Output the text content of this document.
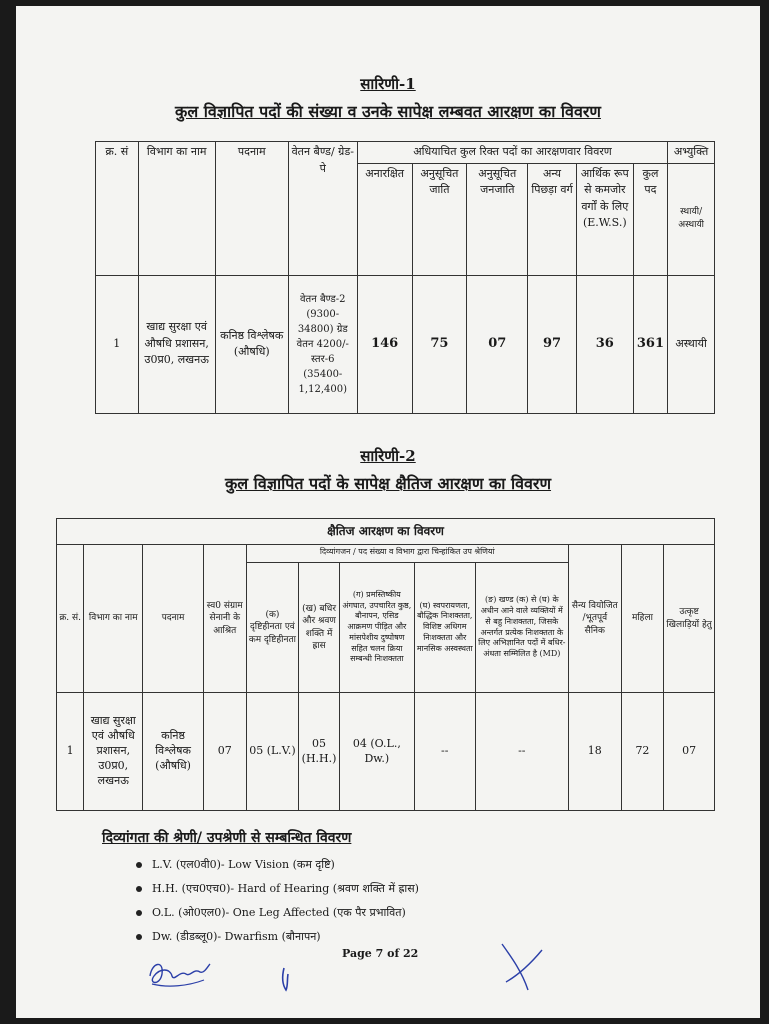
सारिणी-1
कुल विज्ञापित पदों की संख्या व उनके सापेक्ष लम्बवत आरक्षण का विवरण
क्र. सं	विभाग का नाम	पदनाम	वेतन बैण्ड/ ग्रेड-पे	अधियाचित कुल रिक्त पदों का आरक्षणवार विवरण						अभ्युक्ति
				अनारक्षित	अनुसूचित जाति	अनुसूचित जनजाति	अन्य पिछड़ा वर्ग	आर्थिक रूप से कमजोर वर्गों के लिए (E.W.S.)	कुल पद	स्थायी/ अस्थायी
1	खाद्य सुरक्षा एवं औषधि प्रशासन, उ0प्र0, लखनऊ	कनिष्ठ विश्लेषक (औषधि)	वेतन बैण्ड-2 (9300-34800) ग्रेड वेतन 4200/- स्तर-6 (35400-1,12,400)	146	75	07	97	36	361	अस्थायी
सारिणी-2
कुल विज्ञापित पदों के सापेक्ष क्षैतिज आरक्षण का विवरण
क्षैतिज आरक्षण का विवरण											
क्र. सं.	विभाग का नाम	पदनाम	स्व0 संग्राम सेनानी के आश्रित	दिव्यांगजन / पद संख्या व विभाग द्वारा चिन्हांकित उप श्रेणियां					सैन्य वियोजित /भूतपूर्व सैनिक	महिला	उत्कृष्ट खिलाड़ियों हेतु
				(क) दृष्टिहीनता एवं कम दृष्टिहीनता	(ख) बधिर और श्रवण शक्ति में ह्रास	(ग) प्रमस्तिष्कीय अंगघात, उपचारित कुष्ठ, बौनापन, एसिड आक्रमण पीड़ित और मांसपेशीय दुष्पोषण सहित चलन क्रिया सम्बन्धी निःशक्तता	(घ) स्वपरायणता, बौद्धिक निःशक्तता, विशिष्ट अधिगम निःशक्तता और मानसिक अस्वस्थता	(ङ) खण्ड (क) से (घ) के अधीन आने वाले व्यक्तियों में से बहु निःशक्तता, जिसके अन्तर्गत प्रत्येक निःशक्तता के लिए अभिज्ञानित पदों में बधिर-अंधता सम्मिलित है (MD)			
1	खाद्य सुरक्षा एवं औषधि प्रशासन, उ0प्र0, लखनऊ	कनिष्ठ विश्लेषक (औषधि)	07	05 (L.V.)	05 (H.H.)	04 (O.L., Dw.)	--	--	18	72	07
दिव्यांगता की श्रेणी/ उपश्रेणी से सम्बन्धित विवरण
L.V. (एल0वी0)- Low Vision (कम दृष्टि)
H.H. (एच0एच0)- Hard of Hearing (श्रवण शक्ति में ह्रास)
O.L. (ओ0एल0)- One Leg Affected (एक पैर प्रभावित)
Dw. (डीडब्लू0)- Dwarfism (बौनापन)
Page 7 of 22
